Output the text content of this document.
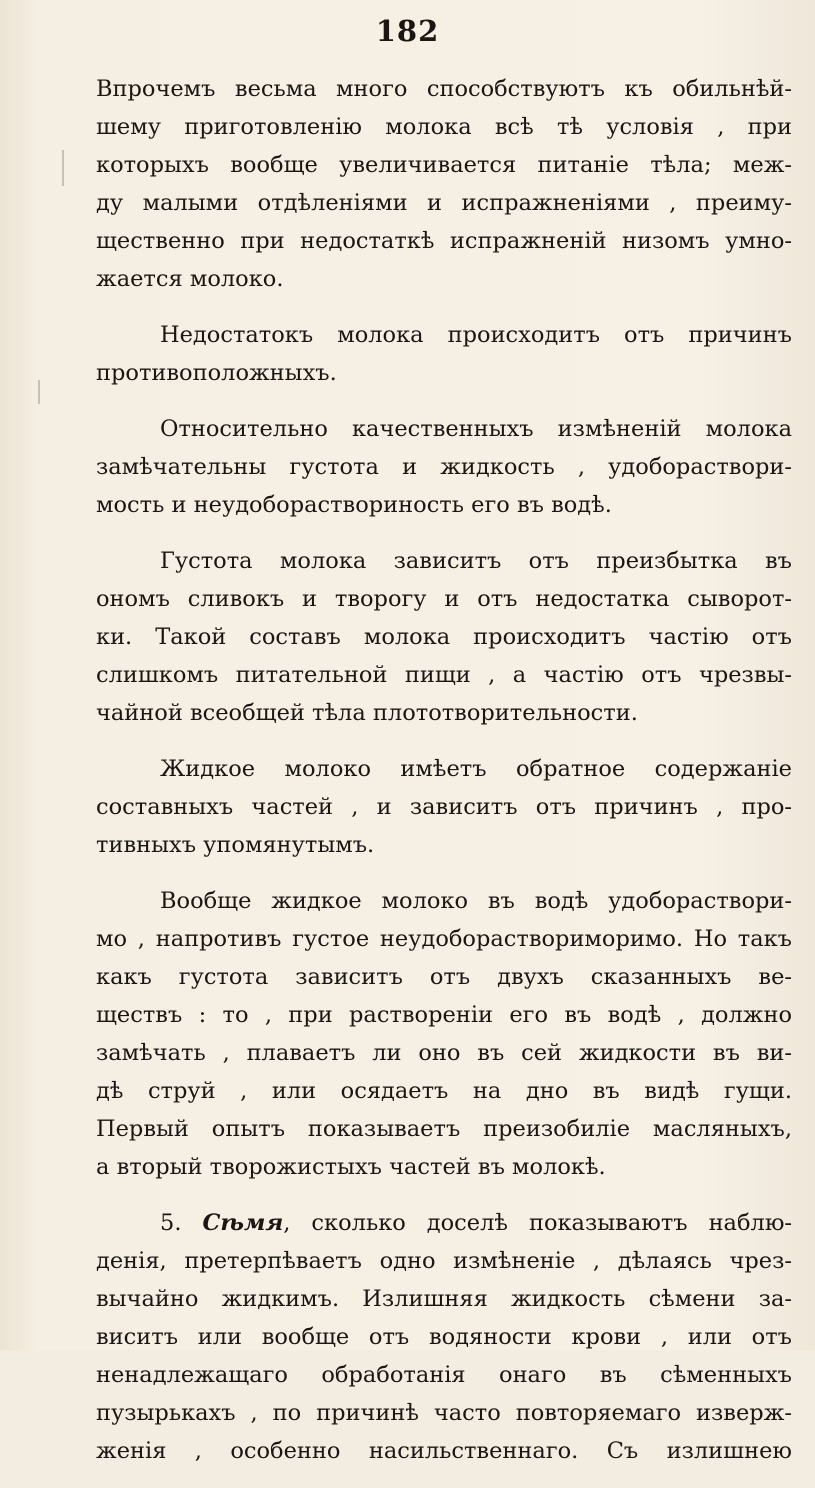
182
Впрочемъ весьма много способствуютъ къ обильнѣй-
шему приготовленію молока всѣ тѣ условія , при
которыхъ вообще увеличивается питаніе тѣла; меж-
ду малыми отдѣленіями и испражненіями , преиму-
щественно при недостаткѣ испражненій низомъ умно-
жается молоко.
Недостатокъ молока происходитъ отъ причинъ
противоположныхъ.
Относительно качественныхъ измѣненій молока
замѣчательны густота и жидкость , удобораствори-
мость и неудобораствориность его въ водѣ.
Густота молока зависитъ отъ преизбытка въ
ономъ сливокъ и творогу и отъ недостатка сыворот-
ки. Такой составъ молока происходитъ частію отъ
слишкомъ питательной пищи , а частію отъ чрезвы-
чайной всеобщей тѣла плототворительности.
Жидкое молоко имѣетъ обратное содержаніе
составныхъ частей , и зависитъ отъ причинъ , про-
тивныхъ упомянутымъ.
Вообще жидкое молоко въ водѣ удобораствори-
мо , напротивъ густое неудобораствориморимо. Но такъ
какъ густота зависитъ отъ двухъ сказанныхъ ве-
ществъ : то , при раствореніи его въ водѣ , должно
замѣчать , плаваетъ ли оно въ сей жидкости въ ви-
дѣ струй , или осядаетъ на дно въ видѣ гущи.
Первый опытъ показываетъ преизобиліе масляныхъ,
а вторый творожистыхъ частей въ молокѣ.
5. Сѣмя, сколько доселѣ показываютъ наблю-
денія, претерпѣваетъ одно измѣненіе , дѣлаясь чрез-
вычайно жидкимъ. Излишняя жидкость сѣмени за-
виситъ или вообще отъ водяности крови , или отъ
ненадлежащаго обработанія онаго въ сѣменныхъ
пузырькахъ , по причинѣ часто повторяемаго изверж-
женія , особенно насильственнаго. Съ излишнею
